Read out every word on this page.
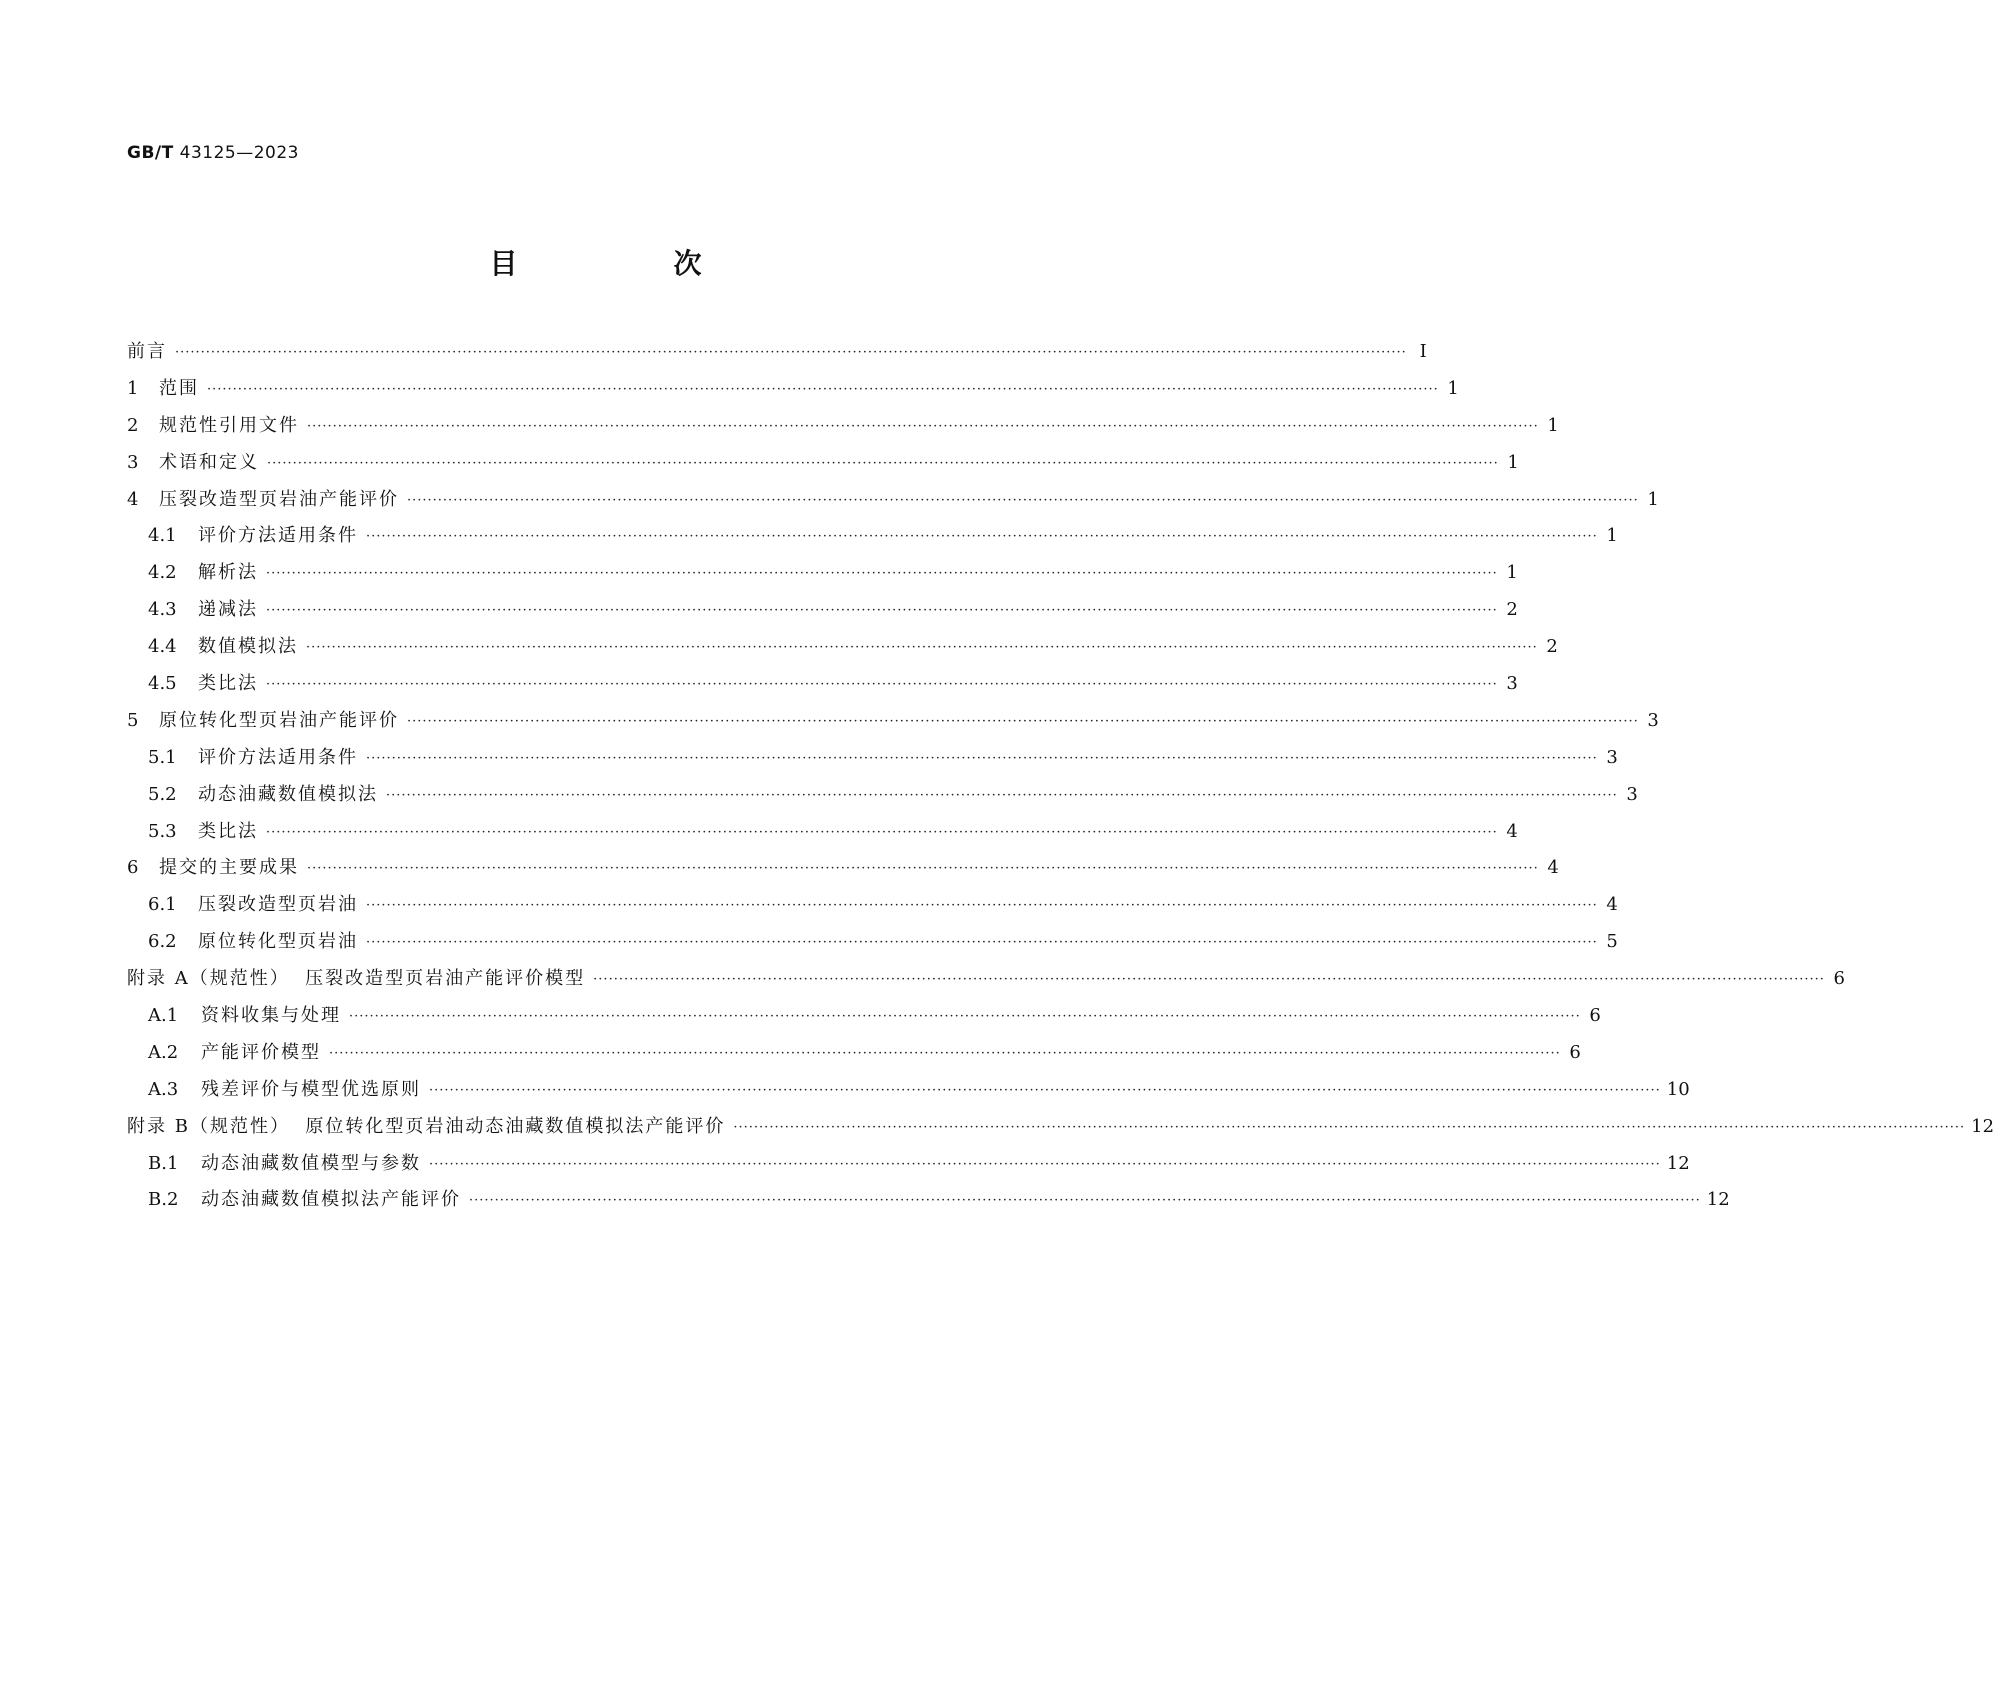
GB/T 43125—2023
目　次
前言 ················································································································································································································································ Ⅰ
1	范围 ················································································································································································································································ 1
2	规范性引用文件 ················································································································································································································································ 1
3	术语和定义 ················································································································································································································································ 1
4	压裂改造型页岩油产能评价 ················································································································································································································································ 1
4.1	评价方法适用条件 ················································································································································································································································ 1
4.2	解析法 ················································································································································································································································ 1
4.3	递减法 ················································································································································································································································ 2
4.4	数值模拟法 ················································································································································································································································ 2
4.5	类比法 ················································································································································································································································ 3
5	原位转化型页岩油产能评价 ················································································································································································································································ 3
5.1	评价方法适用条件 ················································································································································································································································ 3
5.2	动态油藏数值模拟法 ················································································································································································································································ 3
5.3	类比法 ················································································································································································································································ 4
6	提交的主要成果 ················································································································································································································································ 4
6.1	压裂改造型页岩油 ················································································································································································································································ 4
6.2	原位转化型页岩油 ················································································································································································································································ 5
附录 A（规范性）  压裂改造型页岩油产能评价模型 ················································································································································································································································ 6
A.1	资料收集与处理 ················································································································································································································································ 6
A.2	产能评价模型 ················································································································································································································································ 6
A.3	残差评价与模型优选原则 ················································································································································································································································ 10
附录 B（规范性）  原位转化型页岩油动态油藏数值模拟法产能评价 ················································································································································································································································ 12
B.1	动态油藏数值模型与参数 ················································································································································································································································ 12
B.2	动态油藏数值模拟法产能评价 ················································································································································································································································ 12
